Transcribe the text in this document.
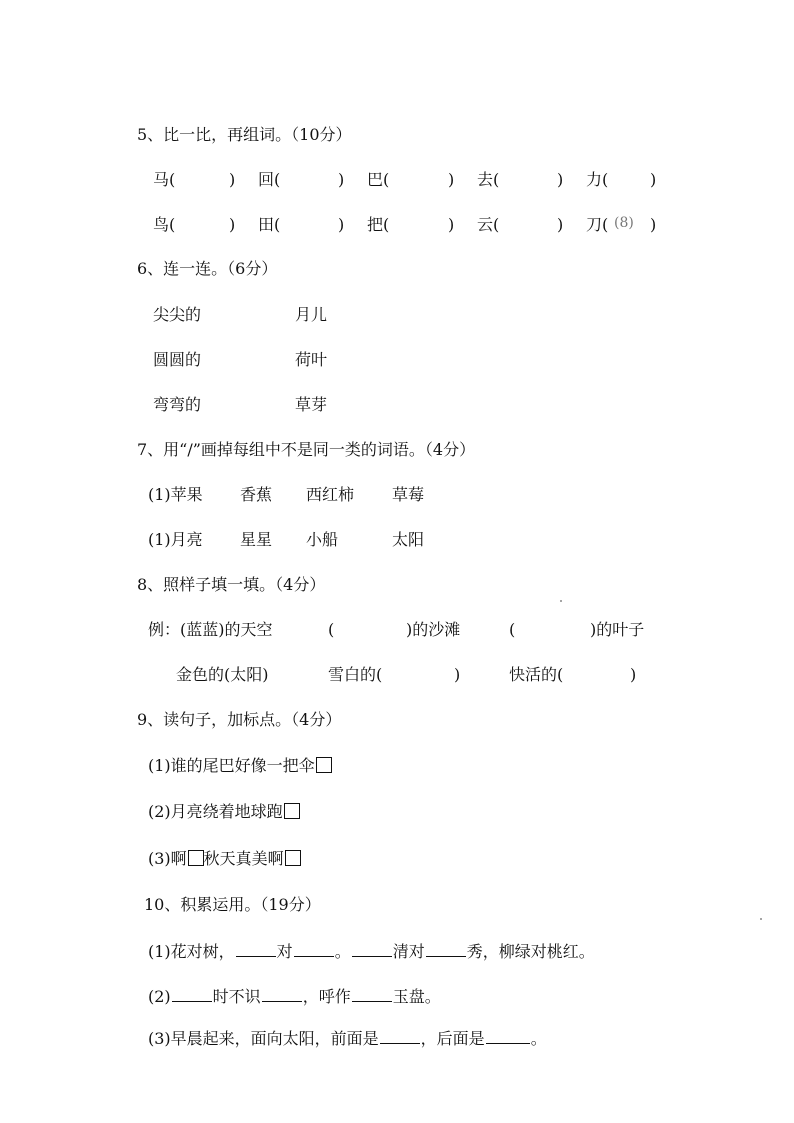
5、比一比，再组词。（10分）
马(	) 回(	) 巴(	) 去(	) 力(	)
鸟(	) 田(	) 把(	) 云(	) 刀(	)
(8)
6、连一连。（6分）
尖尖的	月儿
圆圆的	荷叶
弯弯的	草芽
7、用“/”画掉每组中不是同一类的词语。（4分）
(1)苹果 香蕉 西红柿 草莓
(1)月亮 星星 小船	太阳
8、照样子填一填。（4分）
例：(蓝蓝)的天空	(	)的沙滩	(	)的叶子
金色的(太阳)	雪白的(	)	快活的(	)
9、读句子，加标点。（4分）
(1)谁的尾巴好像一把伞
(2)月亮绕着地球跑
(3)啊 秋天真美啊
10、积累运用。（19分）
(1)花对树，	对	。	清对	秀，柳绿对桃红。
(2)	时不识	，呼作	玉盘。
(3)早晨起来，面向太阳，前面是	，后面是	。
